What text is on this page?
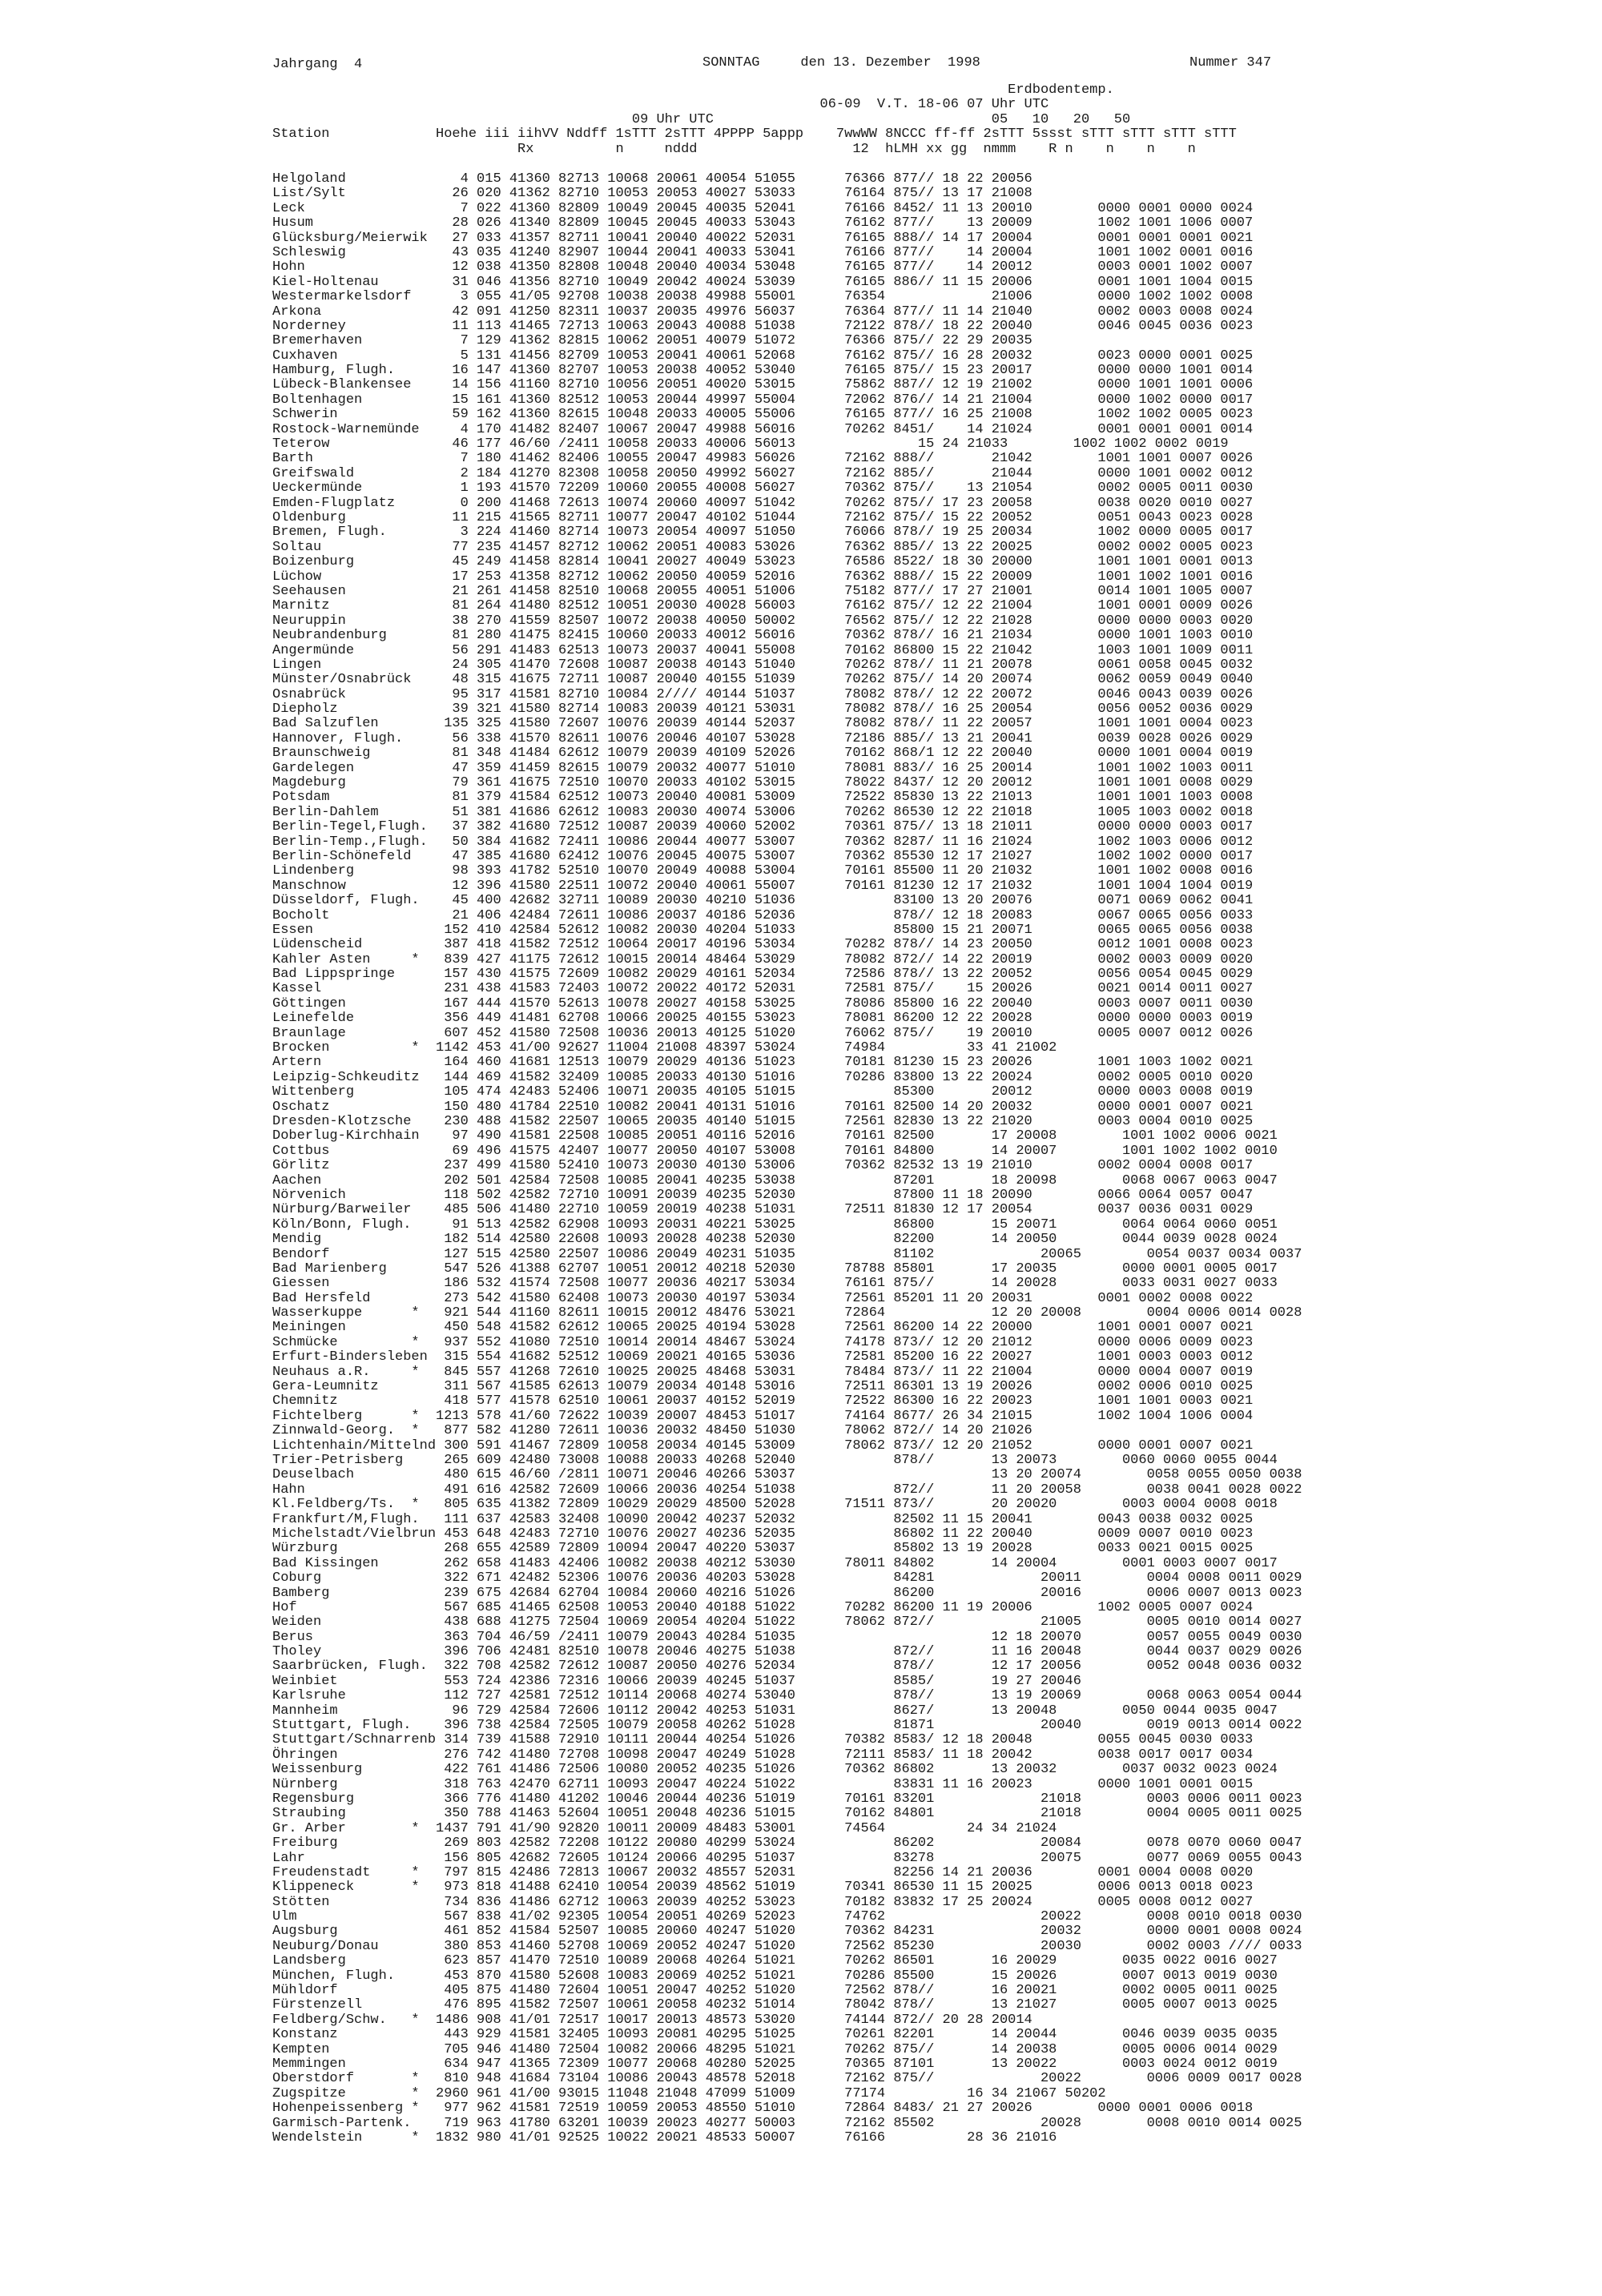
Jahrgang  4	SONNTAG     den 13. Dezember  1998	Nummer 347
Erdbodentemp.
06-09  V.T. 18-06 07 Uhr UTC
09 Uhr UTC                                  05   10   20   50
Station             Hoehe iii iihVV Nddff 1sTTT 2sTTT 4PPPP 5appp    7wwWW 8NCCC ff-ff 2sTTT 5ssst sTTT sTTT sTTT sTTT
Rx          n     nddd                   12  hLMH xx gg  nmmm    R n    n    n    n
Helgoland              4 015 41360 82713 10068 20061 40054 51055      76366 877// 18 22 20056
List/Sylt             26 020 41362 82710 10053 20053 40027 53033      76164 875// 13 17 21008
Leck                   7 022 41360 82809 10049 20045 40035 52041      76166 8452/ 11 13 20010        0000 0001 0000 0024
Husum                 28 026 41340 82809 10045 20045 40033 53043      76162 877//    13 20009        1002 1001 1006 0007
Glücksburg/Meierwik   27 033 41357 82711 10041 20040 40022 52031      76165 888// 14 17 20004        0001 0001 0001 0021
Schleswig             43 035 41240 82907 10044 20041 40033 53041      76166 877//    14 20004        1001 1002 0001 0016
Hohn                  12 038 41350 82808 10048 20040 40034 53048      76165 877//    14 20012        0003 0001 1002 0007
Kiel-Holtenau         31 046 41356 82710 10049 20042 40024 53039      76165 886// 11 15 20006        0001 1001 1004 0015
Westermarkelsdorf      3 055 41/05 92708 10038 20038 49988 55001      76354             21006        0000 1002 1002 0008
Arkona                42 091 41250 82311 10037 20035 49976 56037      76364 877// 11 14 21040        0002 0003 0008 0024
Norderney             11 113 41465 72713 10063 20043 40088 51038      72122 878// 18 22 20040        0046 0045 0036 0023
Bremerhaven            7 129 41362 82815 10062 20051 40079 51072      76366 875// 22 29 20035
Cuxhaven               5 131 41456 82709 10053 20041 40061 52068      76162 875// 16 28 20032        0023 0000 0001 0025
Hamburg, Flugh.       16 147 41360 82707 10053 20038 40052 53040      76165 875// 15 23 20017        0000 0000 1001 0014
Lübeck-Blankensee     14 156 41160 82710 10056 20051 40020 53015      75862 887// 12 19 21002        0000 1001 1001 0006
Boltenhagen           15 161 41360 82512 10053 20044 49997 55004      72062 876// 14 21 21004        0000 1002 0000 0017
Schwerin              59 162 41360 82615 10048 20033 40005 55006      76165 877// 16 25 21008        1002 1002 0005 0023
Rostock-Warnemünde     4 170 41482 82407 10067 20047 49988 56016      70262 8451/    14 21024        0001 0001 0001 0014
Teterow               46 177 46/60 /2411 10058 20033 40006 56013               15 24 21033        1002 1002 0002 0019
Barth                  7 180 41462 82406 10055 20047 49983 56026      72162 888//       21042        1001 1001 0007 0026
Greifswald             2 184 41270 82308 10058 20050 49992 56027      72162 885//       21044        0000 1001 0002 0012
Ueckermünde            1 193 41570 72209 10060 20055 40008 56027      70362 875//    13 21054        0002 0005 0011 0030
Emden-Flugplatz        0 200 41468 72613 10074 20060 40097 51042      70262 875// 17 23 20058        0038 0020 0010 0027
Oldenburg             11 215 41565 82711 10077 20047 40102 51044      72162 875// 15 22 20052        0051 0043 0023 0028
Bremen, Flugh.         3 224 41460 82714 10073 20054 40097 51050      76066 878// 19 25 20034        1002 0000 0005 0017
Soltau                77 235 41457 82712 10062 20051 40083 53026      76362 885// 13 22 20025        0002 0002 0005 0023
Boizenburg            45 249 41458 82814 10041 20027 40049 53023      76586 8522/ 18 30 20000        1001 1001 0001 0013
Lüchow                17 253 41358 82712 10062 20050 40059 52016      76362 888// 15 22 20009        1001 1002 1001 0016
Seehausen             21 261 41458 82510 10068 20055 40051 51006      75182 877// 17 27 21001        0014 1001 1005 0007
Marnitz               81 264 41480 82512 10051 20030 40028 56003      76162 875// 12 22 21004        1001 0001 0009 0026
Neuruppin             38 270 41559 82507 10072 20038 40050 50002      76562 875// 12 22 21028        0000 0000 0003 0020
Neubrandenburg        81 280 41475 82415 10060 20033 40012 56016      70362 878// 16 21 21034        0000 1001 1003 0010
Angermünde            56 291 41483 62513 10073 20037 40041 55008      70162 86800 15 22 21042        1003 1001 1009 0011
Lingen                24 305 41470 72608 10087 20038 40143 51040      70262 878// 11 21 20078        0061 0058 0045 0032
Münster/Osnabrück     48 315 41675 72711 10087 20040 40155 51039      70262 875// 14 20 20074        0062 0059 0049 0040
Osnabrück             95 317 41581 82710 10084 2//// 40144 51037      78082 878// 12 22 20072        0046 0043 0039 0026
Diepholz              39 321 41580 82714 10083 20039 40121 53031      78082 878// 16 25 20054        0056 0052 0036 0029
Bad Salzuflen        135 325 41580 72607 10076 20039 40144 52037      78082 878// 11 22 20057        1001 1001 0004 0023
Hannover, Flugh.      56 338 41570 82611 10076 20046 40107 53028      72186 885// 13 21 20041        0039 0028 0026 0029
Braunschweig          81 348 41484 62612 10079 20039 40109 52026      70162 868/1 12 22 20040        0000 1001 0004 0019
Gardelegen            47 359 41459 82615 10079 20032 40077 51010      78081 883// 16 25 20014        1001 1002 1003 0011
Magdeburg             79 361 41675 72510 10070 20033 40102 53015      78022 8437/ 12 20 20012        1001 1001 0008 0029
Potsdam               81 379 41584 62512 10073 20040 40081 53009      72522 85830 13 22 21013        1001 1001 1003 0008
Berlin-Dahlem         51 381 41686 62612 10083 20030 40074 53006      70262 86530 12 22 21018        1005 1003 0002 0018
Berlin-Tegel,Flugh.   37 382 41680 72512 10087 20039 40060 52002      70361 875// 13 18 21011        0000 0000 0003 0017
Berlin-Temp.,Flugh.   50 384 41682 72411 10086 20044 40077 53007      70362 8287/ 11 16 21024        1002 1003 0006 0012
Berlin-Schönefeld     47 385 41680 62412 10076 20045 40075 53007      70362 85530 12 17 21027        1002 1002 0000 0017
Lindenberg            98 393 41782 52510 10070 20049 40088 53004      70161 85500 11 20 21032        1001 1002 0008 0016
Manschnow             12 396 41580 22511 10072 20040 40061 55007      70161 81230 12 17 21032        1001 1004 1004 0019
Düsseldorf, Flugh.    45 400 42682 32711 10089 20030 40210 51036            83100 13 20 20076        0071 0069 0062 0041
Bocholt               21 406 42484 72611 10086 20037 40186 52036            878// 12 18 20083        0067 0065 0056 0033
Essen                152 410 42584 52612 10082 20030 40204 51033            85800 15 21 20071        0065 0065 0056 0038
Lüdenscheid          387 418 41582 72512 10064 20017 40196 53034      70282 878// 14 23 20050        0012 1001 0008 0023
Kahler Asten     *   839 427 41175 72612 10015 20014 48464 53029      78082 872// 14 22 20019        0002 0003 0009 0020
Bad Lippspringe      157 430 41575 72609 10082 20029 40161 52034      72586 878// 13 22 20052        0056 0054 0045 0029
Kassel               231 438 41583 72403 10072 20022 40172 52031      72581 875//    15 20026        0021 0014 0011 0027
Göttingen            167 444 41570 52613 10078 20027 40158 53025      78086 85800 16 22 20040        0003 0007 0011 0030
Leinefelde           356 449 41481 62708 10066 20025 40155 53023      78081 86200 12 22 20028        0000 0000 0003 0019
Braunlage            607 452 41580 72508 10036 20013 40125 51020      76062 875//    19 20010        0005 0007 0012 0026
Brocken          *  1142 453 41/00 92627 11004 21008 48397 53024      74984          33 41 21002
Artern               164 460 41681 12513 10079 20029 40136 51023      70181 81230 15 23 20026        1001 1003 1002 0021
Leipzig-Schkeuditz   144 469 41582 32409 10085 20033 40130 51016      70286 83800 13 22 20024        0002 0005 0010 0020
Wittenberg           105 474 42483 52406 10071 20035 40105 51015            85300       20012        0000 0003 0008 0019
Oschatz              150 480 41784 22510 10082 20041 40131 51016      70161 82500 14 20 20032        0000 0001 0007 0021
Dresden-Klotzsche    230 488 41582 22507 10065 20035 40140 51015      72561 82830 13 22 21020        0003 0004 0010 0025
Doberlug-Kirchhain    97 490 41581 22508 10085 20051 40116 52016      70161 82500       17 20008        1001 1002 0006 0021
Cottbus               69 496 41575 42407 10077 20050 40107 53008      70161 84800       14 20007        1001 1002 1002 0010
Görlitz              237 499 41580 52410 10073 20030 40130 53006      70362 82532 13 19 21010        0002 0004 0008 0017
Aachen               202 501 42584 72508 10085 20041 40235 53038            87201       18 20098        0068 0067 0063 0047
Nörvenich            118 502 42582 72710 10091 20039 40235 52030            87800 11 18 20090        0066 0064 0057 0047
Nürburg/Barweiler    485 506 41480 22710 10059 20019 40238 51031      72511 81830 12 17 20054        0037 0036 0031 0029
Köln/Bonn, Flugh.     91 513 42582 62908 10093 20031 40221 53025            86800       15 20071        0064 0064 0060 0051
Mendig               182 514 42580 22608 10093 20028 40238 52030            82200       14 20050        0044 0039 0028 0024
Bendorf              127 515 42580 22507 10086 20049 40231 51035            81102             20065        0054 0037 0034 0037
Bad Marienberg       547 526 41388 62707 10051 20012 40218 52030      78788 85801       17 20035        0000 0001 0005 0017
Giessen              186 532 41574 72508 10077 20036 40217 53034      76161 875//       14 20028        0033 0031 0027 0033
Bad Hersfeld         273 542 41580 62408 10073 20030 40197 53034      72561 85201 11 20 20031        0001 0002 0008 0022
Wasserkuppe      *   921 544 41160 82611 10015 20012 48476 53021      72864             12 20 20008        0004 0006 0014 0028
Meiningen            450 548 41582 62612 10065 20025 40194 53028      72561 86200 14 22 20000        1001 0001 0007 0021
Schmücke         *   937 552 41080 72510 10014 20014 48467 53024      74178 873// 12 20 21012        0000 0006 0009 0023
Erfurt-Bindersleben  315 554 41682 52512 10069 20021 40165 53036      72581 85200 16 22 20027        1001 0003 0003 0012
Neuhaus a.R.     *   845 557 41268 72610 10025 20025 48468 53031      78484 873// 11 22 21004        0000 0004 0007 0019
Gera-Leumnitz        311 567 41585 62613 10079 20034 40148 53016      72511 86301 13 19 20026        0002 0006 0010 0025
Chemnitz             418 577 41578 62510 10061 20037 40152 52019      72522 86300 16 22 20023        1001 1001 0003 0021
Fichtelberg      *  1213 578 41/60 72622 10039 20007 48453 51017      74164 8677/ 26 34 21015        1002 1004 1006 0004
Zinnwald-Georg.  *   877 582 41280 72611 10036 20032 48450 51030      78062 872// 14 20 21026
Lichtenhain/Mittelnd 300 591 41467 72809 10058 20034 40145 53009      78062 873// 12 20 21052        0000 0001 0007 0021
Trier-Petrisberg     265 609 42480 73008 10088 20033 40268 52040            878//       13 20073        0060 0060 0055 0044
Deuselbach           480 615 46/60 /2811 10071 20046 40266 53037                        13 20 20074        0058 0055 0050 0038
Hahn                 491 616 42582 72609 10066 20036 40254 51038            872//       11 20 20058        0038 0041 0028 0022
Kl.Feldberg/Ts.  *   805 635 41382 72809 10029 20029 48500 52028      71511 873//       20 20020        0003 0004 0008 0018
Frankfurt/M,Flugh.   111 637 42583 32408 10090 20042 40237 52032            82502 11 15 20041        0043 0038 0032 0025
Michelstadt/Vielbrun 453 648 42483 72710 10076 20027 40236 52035            86802 11 22 20040        0009 0007 0010 0023
Würzburg             268 655 42589 72809 10094 20047 40220 53037            85802 13 19 20028        0033 0021 0015 0025
Bad Kissingen        262 658 41483 42406 10082 20038 40212 53030      78011 84802       14 20004        0001 0003 0007 0017
Coburg               322 671 42482 52306 10076 20036 40203 53028            84281             20011        0004 0008 0011 0029
Bamberg              239 675 42684 62704 10084 20060 40216 51026            86200             20016        0006 0007 0013 0023
Hof                  567 685 41465 62508 10053 20040 40188 51022      70282 86200 11 19 20006        1002 0005 0007 0024
Weiden               438 688 41275 72504 10069 20054 40204 51022      78062 872//             21005        0005 0010 0014 0027
Berus                363 704 46/59 /2411 10079 20043 40284 51035                        12 18 20070        0057 0055 0049 0030
Tholey               396 706 42481 82510 10078 20046 40275 51038            872//       11 16 20048        0044 0037 0029 0026
Saarbrücken, Flugh.  322 708 42582 72612 10087 20050 40276 52034            878//       12 17 20056        0052 0048 0036 0032
Weinbiet             553 724 42386 72316 10066 20039 40245 51037            8585/       19 27 20046
Karlsruhe            112 727 42581 72512 10114 20068 40274 53040            878//       13 19 20069        0068 0063 0054 0044
Mannheim              96 729 42584 72606 10112 20042 40253 51031            8627/       13 20048        0050 0044 0035 0047
Stuttgart, Flugh.    396 738 42584 72505 10079 20058 40262 51028            81871             20040        0019 0013 0014 0022
Stuttgart/Schnarrenb 314 739 41588 72910 10111 20044 40254 51026      70382 8583/ 12 18 20048        0055 0045 0030 0033
Öhringen             276 742 41480 72708 10098 20047 40249 51028      72111 8583/ 11 18 20042        0038 0017 0017 0034
Weissenburg          422 761 41486 72506 10080 20052 40235 51026      70362 86802       13 20032        0037 0032 0023 0024
Nürnberg             318 763 42470 62711 10093 20047 40224 51022            83831 11 16 20023        0000 1001 0001 0015
Regensburg           366 776 41480 41202 10046 20044 40236 51019      70161 83201             21018        0003 0006 0011 0023
Straubing            350 788 41463 52604 10051 20048 40236 51015      70162 84801             21018        0004 0005 0011 0025
Gr. Arber        *  1437 791 41/90 92820 10011 20009 48483 53001      74564          24 34 21024
Freiburg             269 803 42582 72208 10122 20080 40299 53024            86202             20084        0078 0070 0060 0047
Lahr                 156 805 42682 72605 10124 20066 40295 51037            83278             20075        0077 0069 0055 0043
Freudenstadt     *   797 815 42486 72813 10067 20032 48557 52031            82256 14 21 20036        0001 0004 0008 0020
Klippeneck       *   973 818 41488 62410 10054 20039 48562 51019      70341 86530 11 15 20025        0006 0013 0018 0023
Stötten              734 836 41486 62712 10063 20039 40252 53023      70182 83832 17 25 20024        0005 0008 0012 0027
Ulm                  567 838 41/02 92305 10054 20051 40269 52023      74762                   20022        0008 0010 0018 0030
Augsburg             461 852 41584 52507 10085 20060 40247 51020      70362 84231             20032        0000 0001 0008 0024
Neuburg/Donau        380 853 41460 52708 10069 20052 40247 51020      72562 85230             20030        0002 0003 //// 0033
Landsberg            623 857 41470 72510 10089 20068 40264 51021      70262 86501       16 20029        0035 0022 0016 0027
München, Flugh.      453 870 41580 52608 10083 20069 40252 51021      70286 85500       15 20026        0007 0013 0019 0030
Mühldorf             405 875 41480 72604 10051 20047 40252 51020      72562 878//       16 20021        0002 0005 0011 0025
Fürstenzell          476 895 41582 72507 10061 20058 40232 51014      78042 878//       13 21027        0005 0007 0013 0025
Feldberg/Schw.   *  1486 908 41/01 72517 10017 20013 48573 53020      74144 872// 20 28 20014
Konstanz             443 929 41581 32405 10093 20081 40295 51025      70261 82201       14 20044        0046 0039 0035 0035
Kempten              705 946 41480 72504 10082 20066 48295 51021      70262 875//       14 20038        0005 0006 0014 0029
Memmingen            634 947 41365 72309 10077 20068 40280 52025      70365 87101       13 20022        0003 0024 0012 0019
Oberstdorf       *   810 948 41684 73104 10086 20043 48578 52018      72162 875//             20022        0006 0009 0017 0028
Zugspitze        *  2960 961 41/00 93015 11048 21048 47099 51009      77174          16 34 21067 50202
Hohenpeissenberg *   977 962 41581 72519 10059 20053 48550 51010      72864 8483/ 21 27 20026        0000 0001 0006 0018
Garmisch-Partenk.    719 963 41780 63201 10039 20023 40277 50003      72162 85502             20028        0008 0010 0014 0025
Wendelstein      *  1832 980 41/01 92525 10022 20021 48533 50007      76166          28 36 21016
